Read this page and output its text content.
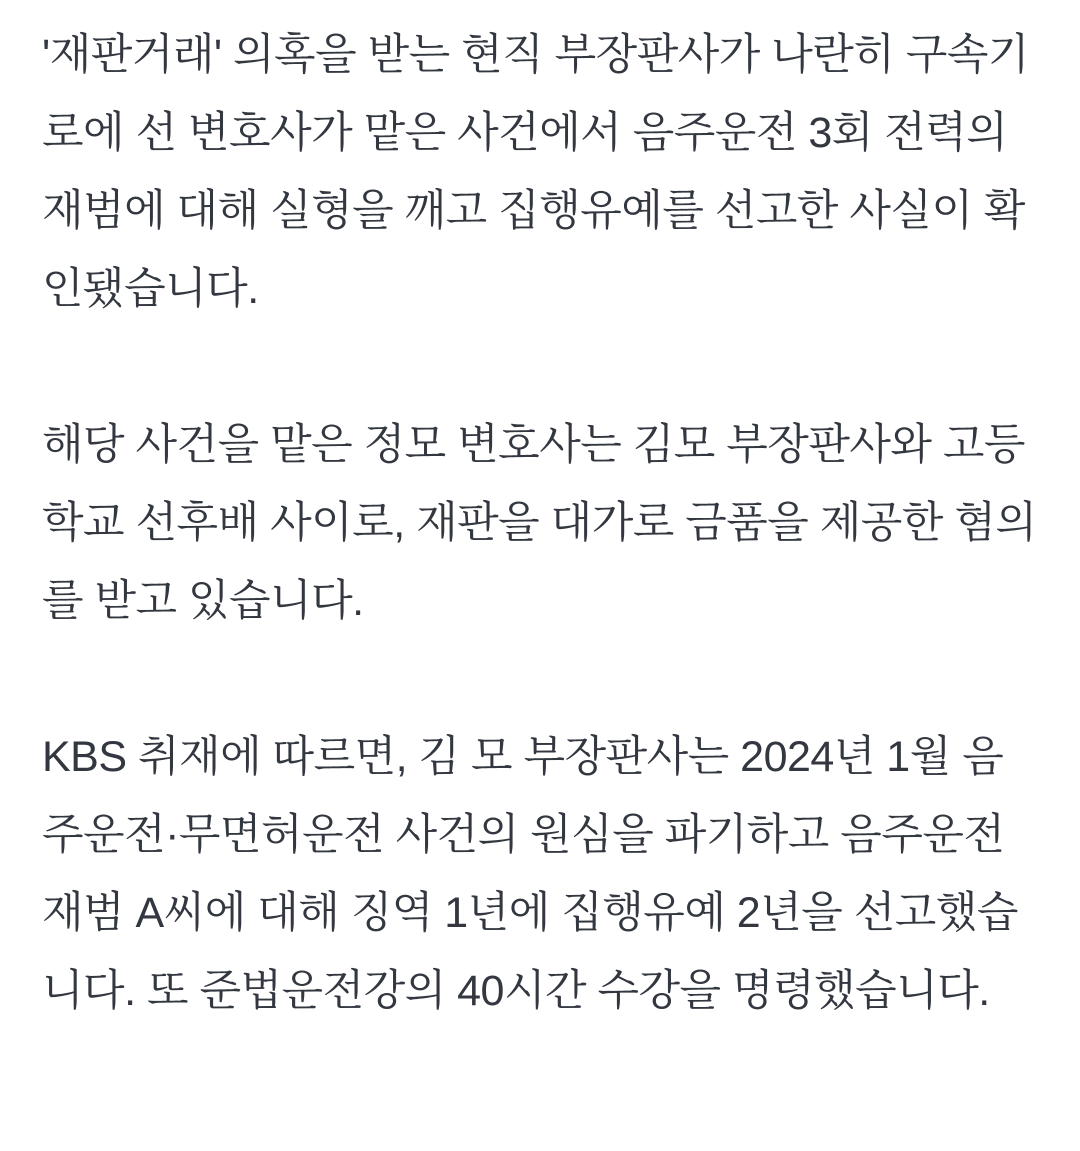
'재판거래' 의혹을 받는 현직 부장판사가 나란히 구속기로에 선 변호사가 맡은 사건에서 음주운전 3회 전력의 재범에 대해 실형을 깨고 집행유예를 선고한 사실이 확인됐습니다.

해당 사건을 맡은 정모 변호사는 김모 부장판사와 고등학교 선후배 사이로, 재판을 대가로 금품을 제공한 혐의를 받고 있습니다.

KBS 취재에 따르면, 김 모 부장판사는 2024년 1월 음주운전·무면허운전 사건의 원심을 파기하고 음주운전 재범 A씨에 대해 징역 1년에 집행유예 2년을 선고했습니다. 또 준법운전강의 40시간 수강을 명령했습니다.
